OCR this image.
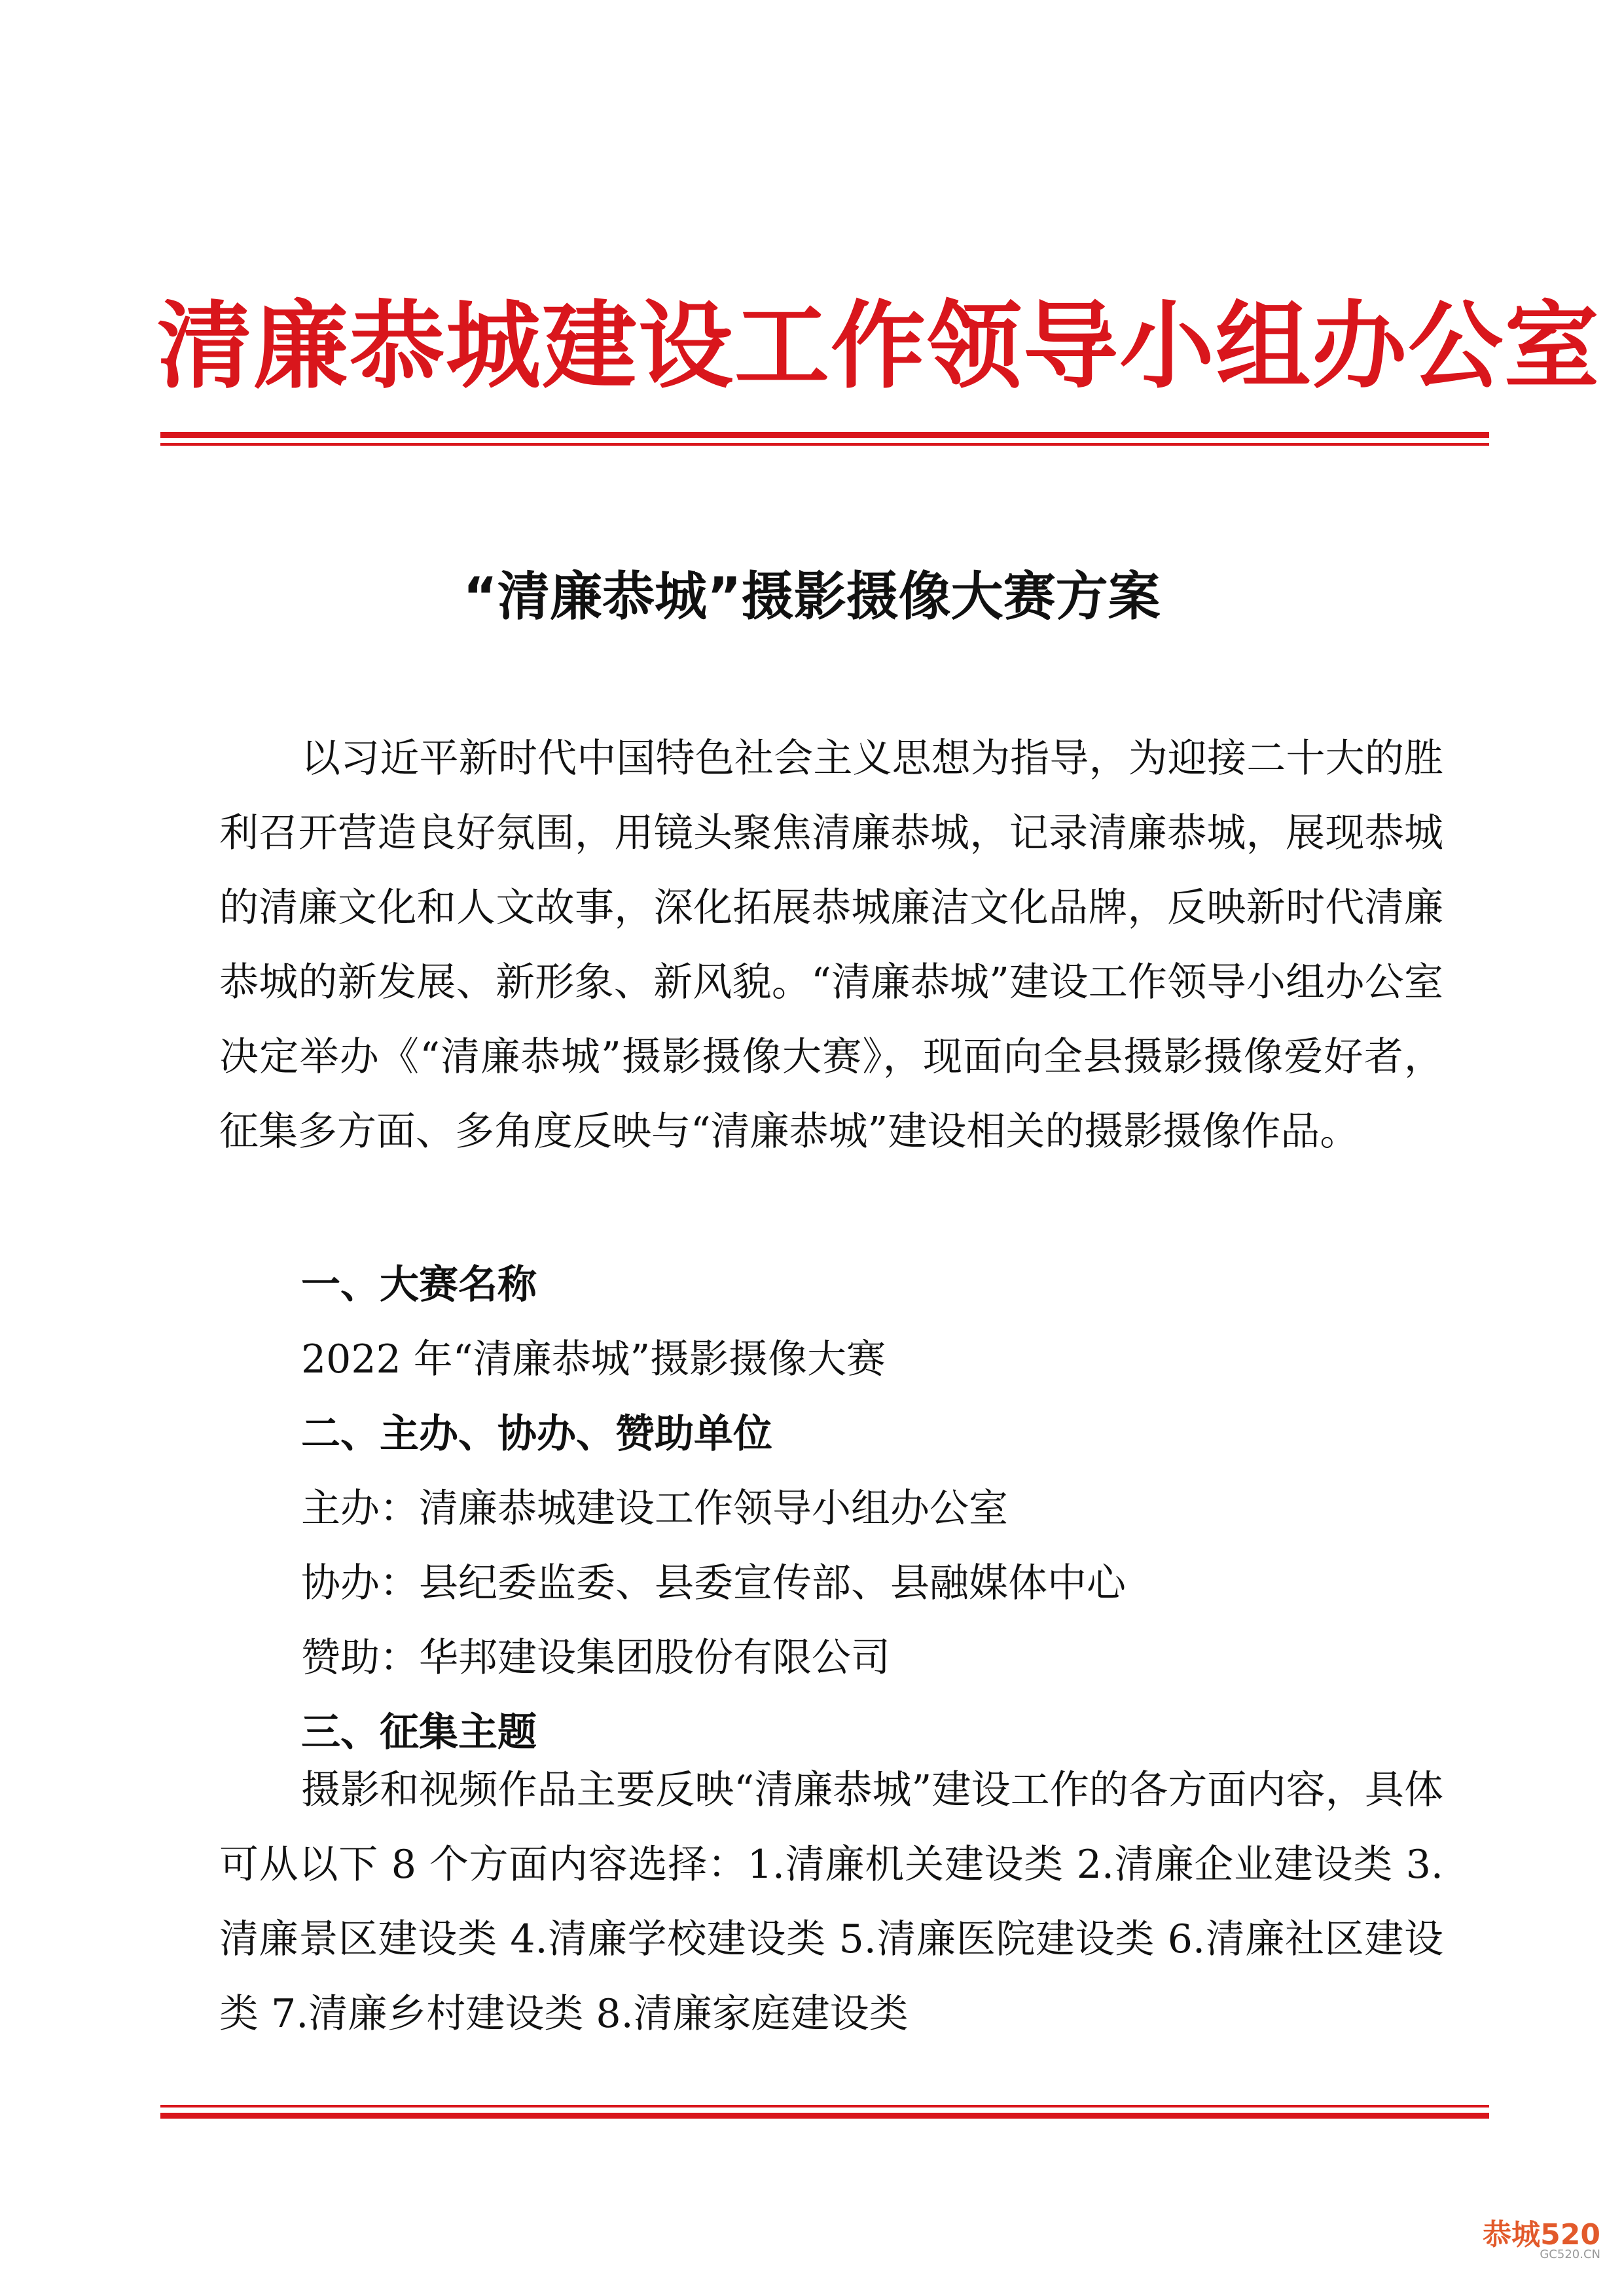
清廉恭城建设工作领导小组办公室
“清廉恭城”摄影摄像大赛方案
以习近平新时代中国特色社会主义思想为指导，为迎接二十大的胜利召开营造良好氛围，用镜头聚焦清廉恭城，记录清廉恭城，展现恭城的清廉文化和人文故事，深化拓展恭城廉洁文化品牌，反映新时代清廉恭城的新发展、新形象、新风貌。“清廉恭城”建设工作领导小组办公室决定举办《“清廉恭城”摄影摄像大赛》，现面向全县摄影摄像爱好者，征集多方面、多角度反映与“清廉恭城”建设相关的摄影摄像作品。
一、大赛名称
2022 年“清廉恭城”摄影摄像大赛
二、主办、协办、赞助单位
主办：清廉恭城建设工作领导小组办公室
协办：县纪委监委、县委宣传部、县融媒体中心
赞助：华邦建设集团股份有限公司
三、征集主题
摄影和视频作品主要反映“清廉恭城”建设工作的各方面内容，具体可从以下 8 个方面内容选择：1.清廉机关建设类 2.清廉企业建设类 3.清廉景区建设类 4.清廉学校建设类 5.清廉医院建设类 6.清廉社区建设类 7.清廉乡村建设类 8.清廉家庭建设类
恭城520
GC520.CN
